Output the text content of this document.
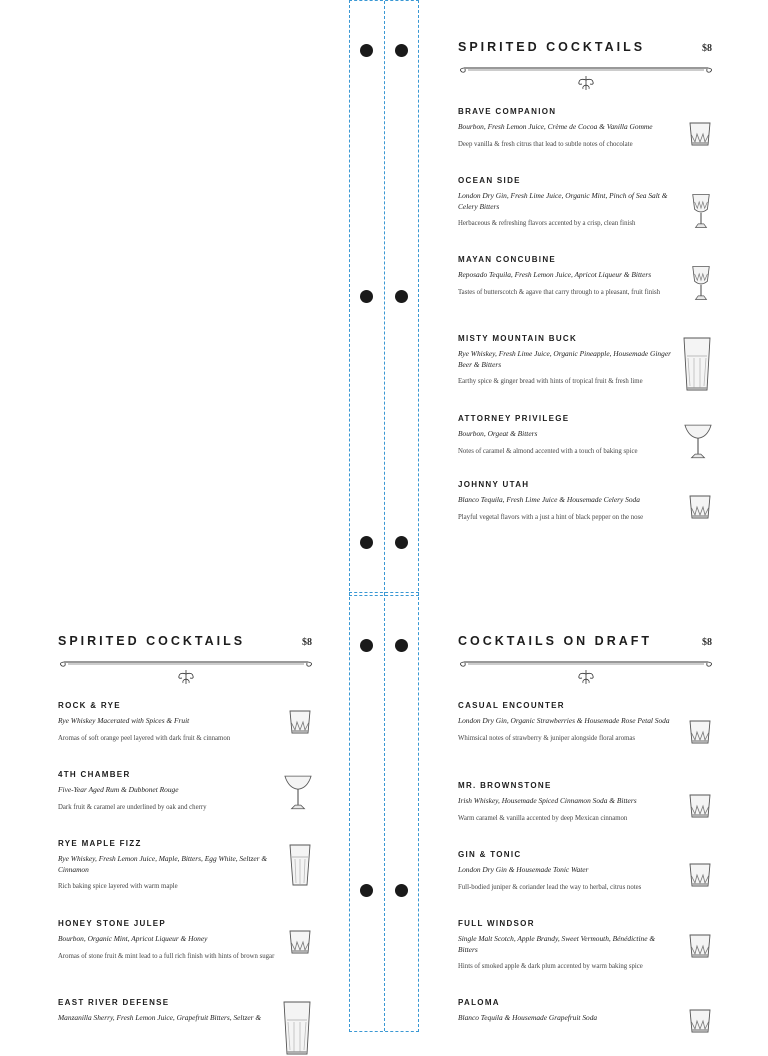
SPIRITED COCKTAILS	$8
BRAVE COMPANION
Bourbon, Fresh Lemon Juice, Crème de Cocoa & Vanilla Gomme
Deep vanilla & fresh citrus that lead to subtle notes of chocolate
OCEAN SIDE
London Dry Gin, Fresh Lime Juice, Organic Mint, Pinch of Sea Salt & Celery Bitters
Herbaceous & refreshing flavors accented by a crisp, clean finish
MAYAN CONCUBINE
Reposado Tequila, Fresh Lemon Juice, Apricot Liqueur & Bitters
Tastes of butterscotch & agave that carry through to a pleasant, fruit finish
MISTY MOUNTAIN BUCK
Rye Whiskey, Fresh Lime Juice, Organic Pineapple, Housemade Ginger Beer & Bitters
Earthy spice & ginger bread with hints of tropical fruit & fresh lime
ATTORNEY PRIVILEGE
Bourbon, Orgeat & Bitters
Notes of caramel & almond accented with a touch of baking spice
JOHNNY UTAH
Blanco Tequila, Fresh Lime Juice & Housemade Celery Soda
Playful vegetal flavors with a just a hint of black pepper on the nose
SPIRITED COCKTAILS	$8
ROCK & RYE
Rye Whiskey Macerated with Spices & Fruit
Aromas of soft orange peel layered with dark fruit & cinnamon
4TH CHAMBER
Five-Year Aged Rum & Dubbonet Rouge
Dark fruit & caramel are underlined by oak and cherry
RYE MAPLE FIZZ
Rye Whiskey, Fresh Lemon Juice, Maple, Bitters, Egg White, Seltzer & Cinnamon
Rich baking spice layered with warm maple
HONEY STONE JULEP
Bourbon, Organic Mint, Apricot Liqueur & Honey
Aromas of stone fruit & mint lead to a full rich finish with hints of brown sugar
EAST RIVER DEFENSE
Manzanilla Sherry, Fresh Lemon Juice, Grapefruit Bitters, Seltzer &
COCKTAILS ON DRAFT	$8
CASUAL ENCOUNTER
London Dry Gin, Organic Strawberries & Housemade Rose Petal Soda
Whimsical notes of strawberry & juniper alongside floral aromas
MR. BROWNSTONE
Irish Whiskey, Housemade Spiced Cinnamon Soda & Bitters
Warm caramel & vanilla accented by deep Mexican cinnamon
GIN & TONIC
London Dry Gin & Housemade Tonic Water
Full-bodied juniper & coriander lead the way to herbal, citrus notes
FULL WINDSOR
Single Malt Scotch, Apple Brandy, Sweet Vermouth, Bénédictine & Bitters
Hints of smoked apple & dark plum accented by warm baking spice
PALOMA
Blanco Tequila & Housemade Grapefruit Soda
